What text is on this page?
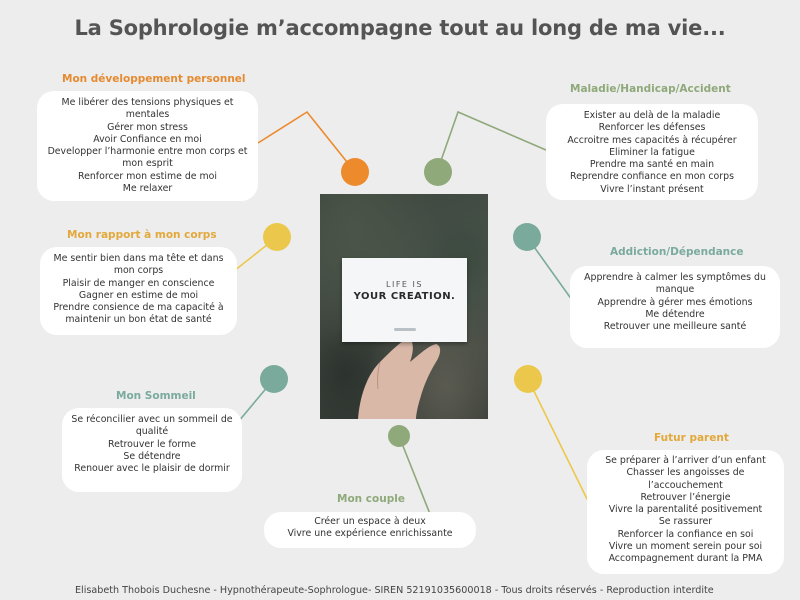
La Sophrologie m’accompagne tout au long de ma vie...
Mon développement personnel
Maladie/Handicap/Accident
Mon rapport à mon corps
Addiction/Dépendance
Mon Sommeil
Futur parent
Mon couple
Me libérer des tensions physiques et mentales
Gérer mon stress
Avoir Confiance en moi
Developper l’harmonie entre mon corps et mon esprit
Renforcer mon estime de moi
Me relaxer
Exister au delà de la maladie
Renforcer les défenses
Accroitre mes capacités à récupérer
Eliminer la fatigue
Prendre ma santé en main
Reprendre confiance en mon corps
Vivre l’instant présent
Me sentir bien dans ma tête et dans mon corps
Plaisir de manger en conscience
Gagner en estime de moi
Prendre consience de ma capacité à maintenir un bon état de santé
Apprendre à calmer les symptômes du manque
Apprendre à gérer mes émotions
Me détendre
Retrouver une meilleure santé
Se réconcilier avec un sommeil de qualité
Retrouver le forme
Se détendre
Renouer avec le plaisir de dormir
Se préparer à l’arriver d’un enfant
Chasser les angoisses de l’accouchement
Retrouver l’énergie
Vivre la parentalité positivement
Se rassurer
Renforcer la confiance en soi
Vivre un moment serein pour soi
Accompagnement durant la PMA
Créer un espace à deux
Vivre une expérience enrichissante
LIFE IS
YOUR CREATION.
Elisabeth Thobois Duchesne - Hypnothérapeute-Sophrologue- SIREN 52191035600018 - Tous droits réservés - Reproduction interdite
